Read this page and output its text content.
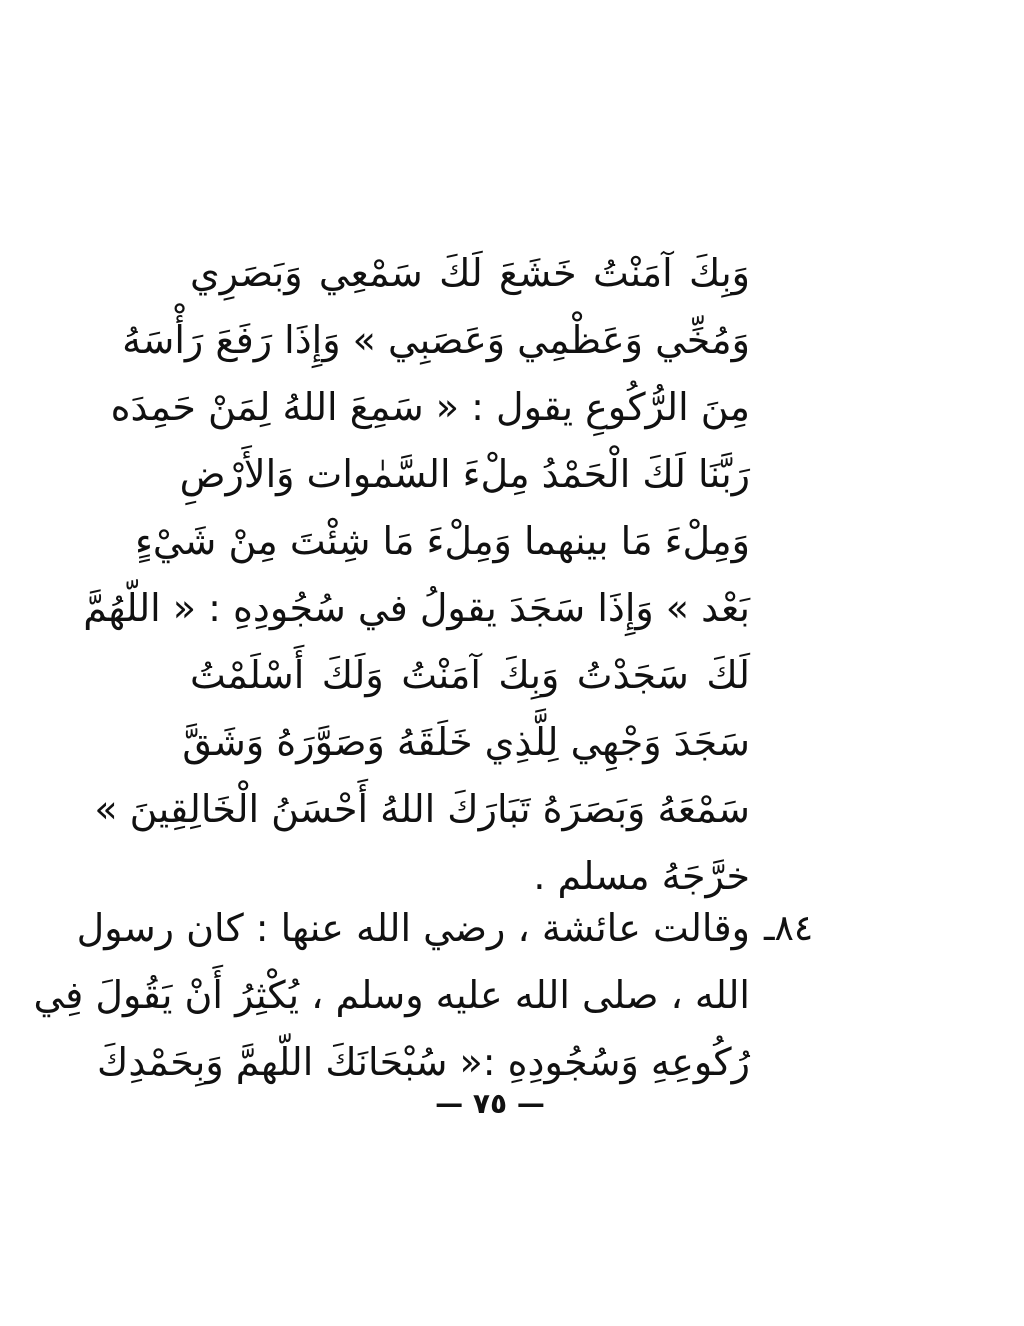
وَبِكَ آمَنْتُ خَشَعَ لَكَ سَمْعِي وَبَصَرِي
وَمُخِّي وَعَظْمِي وَعَصَبِي » وَإِذَا رَفَعَ رَأْسَهُ
مِنَ الرُّكُوعِ يقول : « سَمِعَ اللهُ لِمَنْ حَمِدَه
رَبَّنَا لَكَ الْحَمْدُ مِلْءَ السَّمٰوات وَالأَرْضِ
وَمِلْءَ مَا بينهما وَمِلْءَ مَا شِئْتَ مِنْ شَيْءٍ
بَعْد » وَإِذَا سَجَدَ يقولُ في سُجُودِهِ : « اللّهُمَّ
لَكَ سَجَدْتُ وَبِكَ آمَنْتُ وَلَكَ أَسْلَمْتُ
سَجَدَ وَجْهِي لِلَّذِي خَلَقَهُ وَصَوَّرَهُ وَشَقَّ
سَمْعَهُ وَبَصَرَهُ تَبَارَكَ اللهُ أَحْسَنُ الْخَالِقِينَ »
خرَّجَهُ مسلم .
٨٤ـ
وقالت عائشة ، رضي الله عنها : كان رسول
الله ، صلى الله عليه وسلم ، يُكْثِرُ أَنْ يَقُولَ فِي
رُكُوعِهِ وَسُجُودِهِ :« سُبْحَانَكَ اللّهمَّ وَبِحَمْدِكَ
— ٧٥ —
